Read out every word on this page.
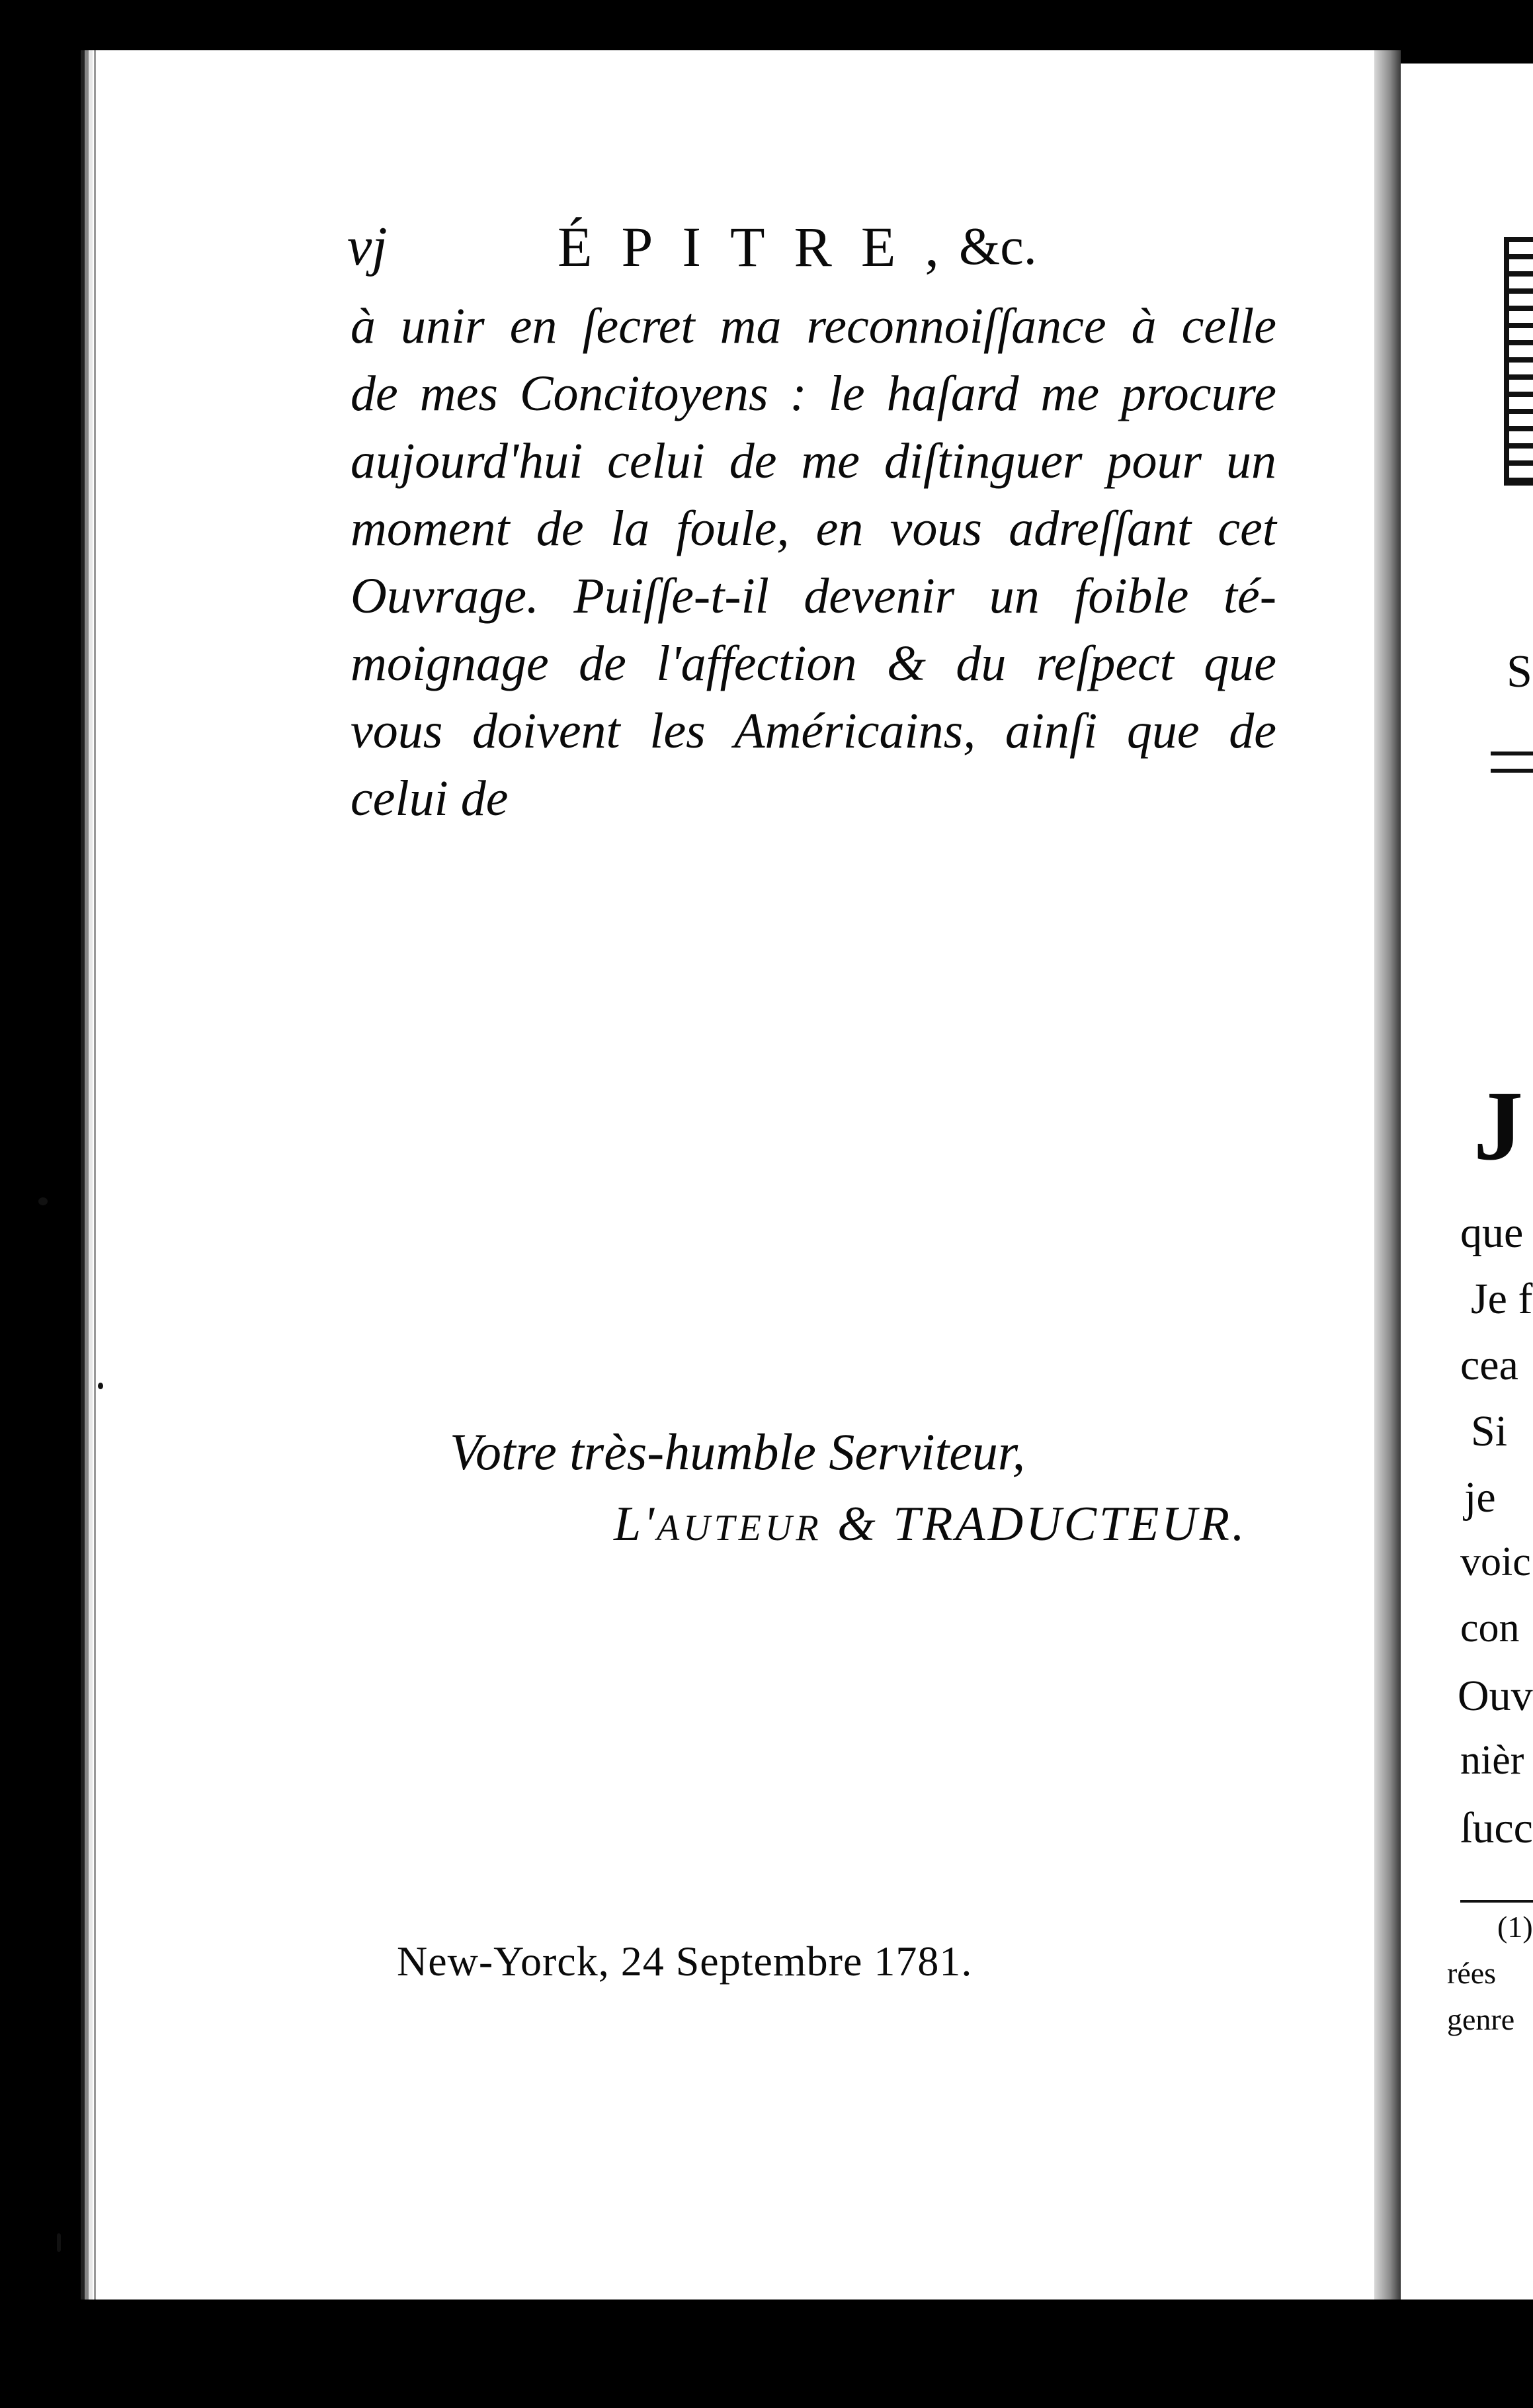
S
J
que
Je f
cea
Si
je
voic
con
Ouv
nièr
ſucc
(1)
rées
genre
vj	ÉPITRE,
&c.
à unir en ſecret ma reconnoiſſance à celle
de mes Concitoyens : le haſard me procure
aujourd'hui celui de me diſtinguer pour un
moment de la foule, en vous adreſſant cet
Ouvrage. Puiſſe-t-il devenir un foible té-
moignage de l'affection & du reſpect que
vous doivent les Américains, ainſi que de
celui de
Votre très-humble Serviteur,
L'AUTEUR & TRADUCTEUR.
New-Yorck, 24 Septembre 1781.
